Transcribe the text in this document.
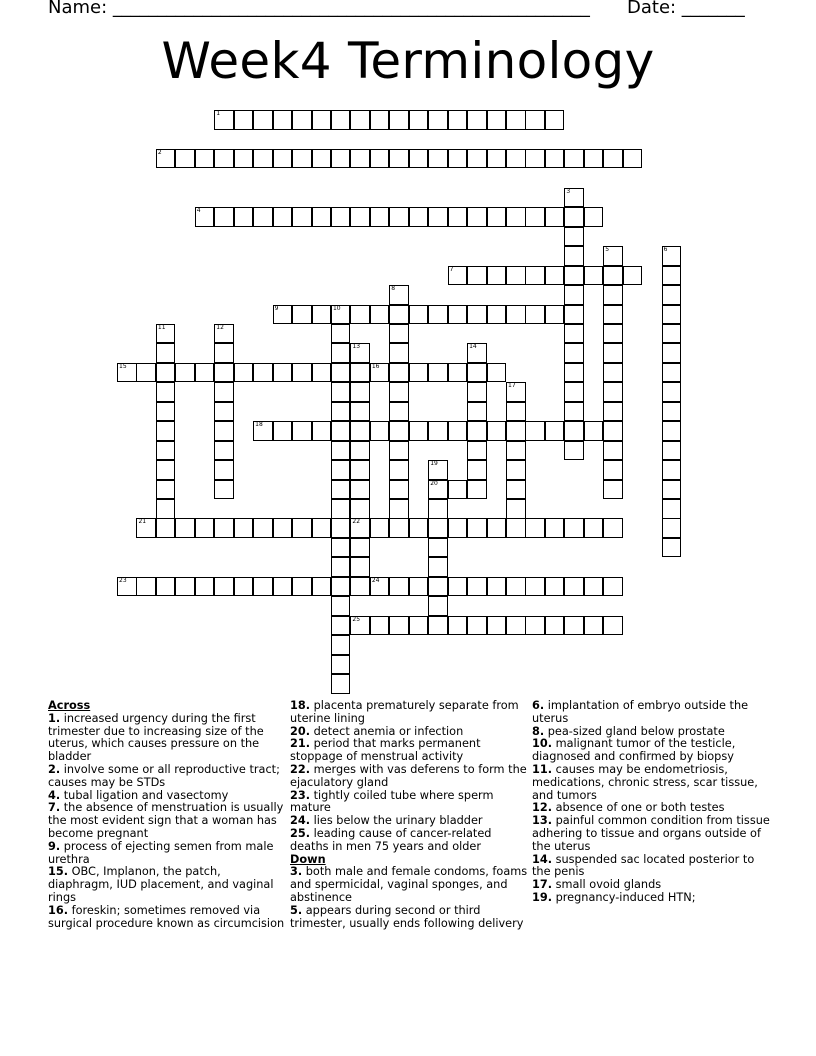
Name: _____________________________________________________ Date: _______
Week4 Terminology
1
2
3
4
5	6
7
8
9	10
11	12
13
22
14
15	16
17
18
19
20
21
23	24
25
Across
1. increased urgency during the first trimester due to increasing size of the uterus, which causes pressure on the bladder
2. involve some or all reproductive tract; causes may be STDs
4. tubal ligation and vasectomy
7. the absence of menstruation is usually the most evident sign that a woman has become pregnant
9. process of ejecting semen from male urethra
15. OBC, Implanon, the patch, diaphragm, IUD placement, and vaginal rings
16. foreskin; sometimes removed via surgical procedure known as circumcision
18. placenta prematurely separate from uterine lining
20. detect anemia or infection
21. period that marks permanent stoppage of menstrual activity
22. merges with vas deferens to form the ejaculatory gland
23. tightly coiled tube where sperm mature
24. lies below the urinary bladder
25. leading cause of cancer-related deaths in men 75 years and older
Down
3. both male and female condoms, foams and spermicidal, vaginal sponges, and abstinence
5. appears during second or third trimester, usually ends following delivery
6. implantation of embryo outside the uterus
8. pea-sized gland below prostate
10. malignant tumor of the testicle, diagnosed and confirmed by biopsy
11. causes may be endometriosis, medications, chronic stress, scar tissue, and tumors
12. absence of one or both testes
13. painful common condition from tissue adhering to tissue and organs outside of the uterus
14. suspended sac located posterior to the penis
17. small ovoid glands
19. pregnancy-induced HTN;
